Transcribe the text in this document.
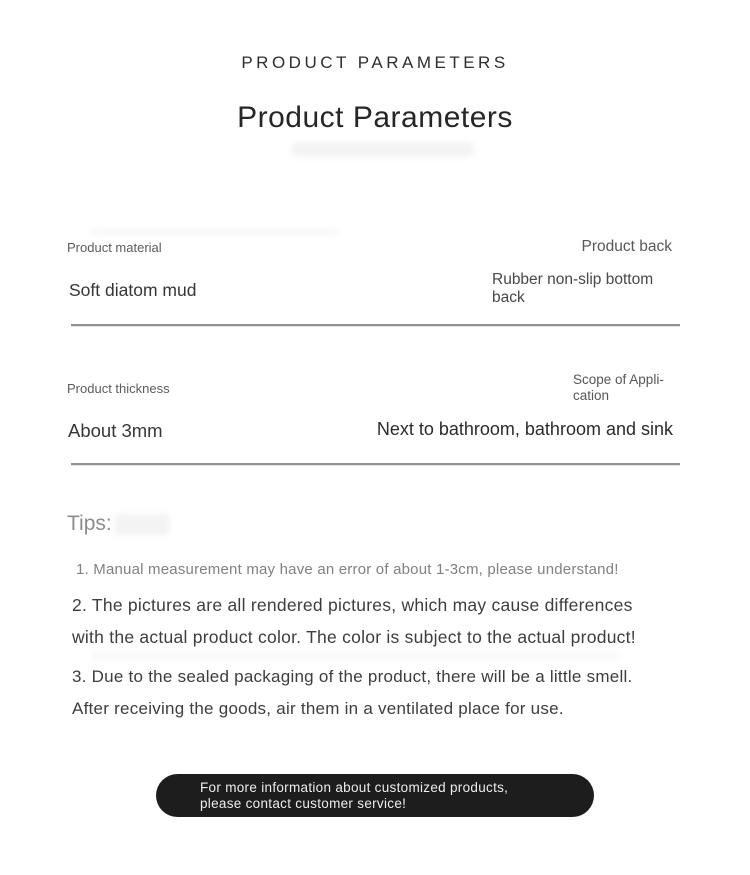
PRODUCT PARAMETERS
Product Parameters
Product material
Soft diatom mud
Product back
Rubber non-slip bottom back
Product thickness
About 3mm
Scope of Appli-cation
Next to bathroom, bathroom and sink
Tips:
1. Manual measurement may have an error of about 1-3cm, please understand!
2. The pictures are all rendered pictures, which may cause differences
with the actual product color. The color is subject to the actual product!
3. Due to the sealed packaging of the product, there will be a little smell.
After receiving the goods, air them in a ventilated place for use.
For more information about customized products,
please contact customer service!
